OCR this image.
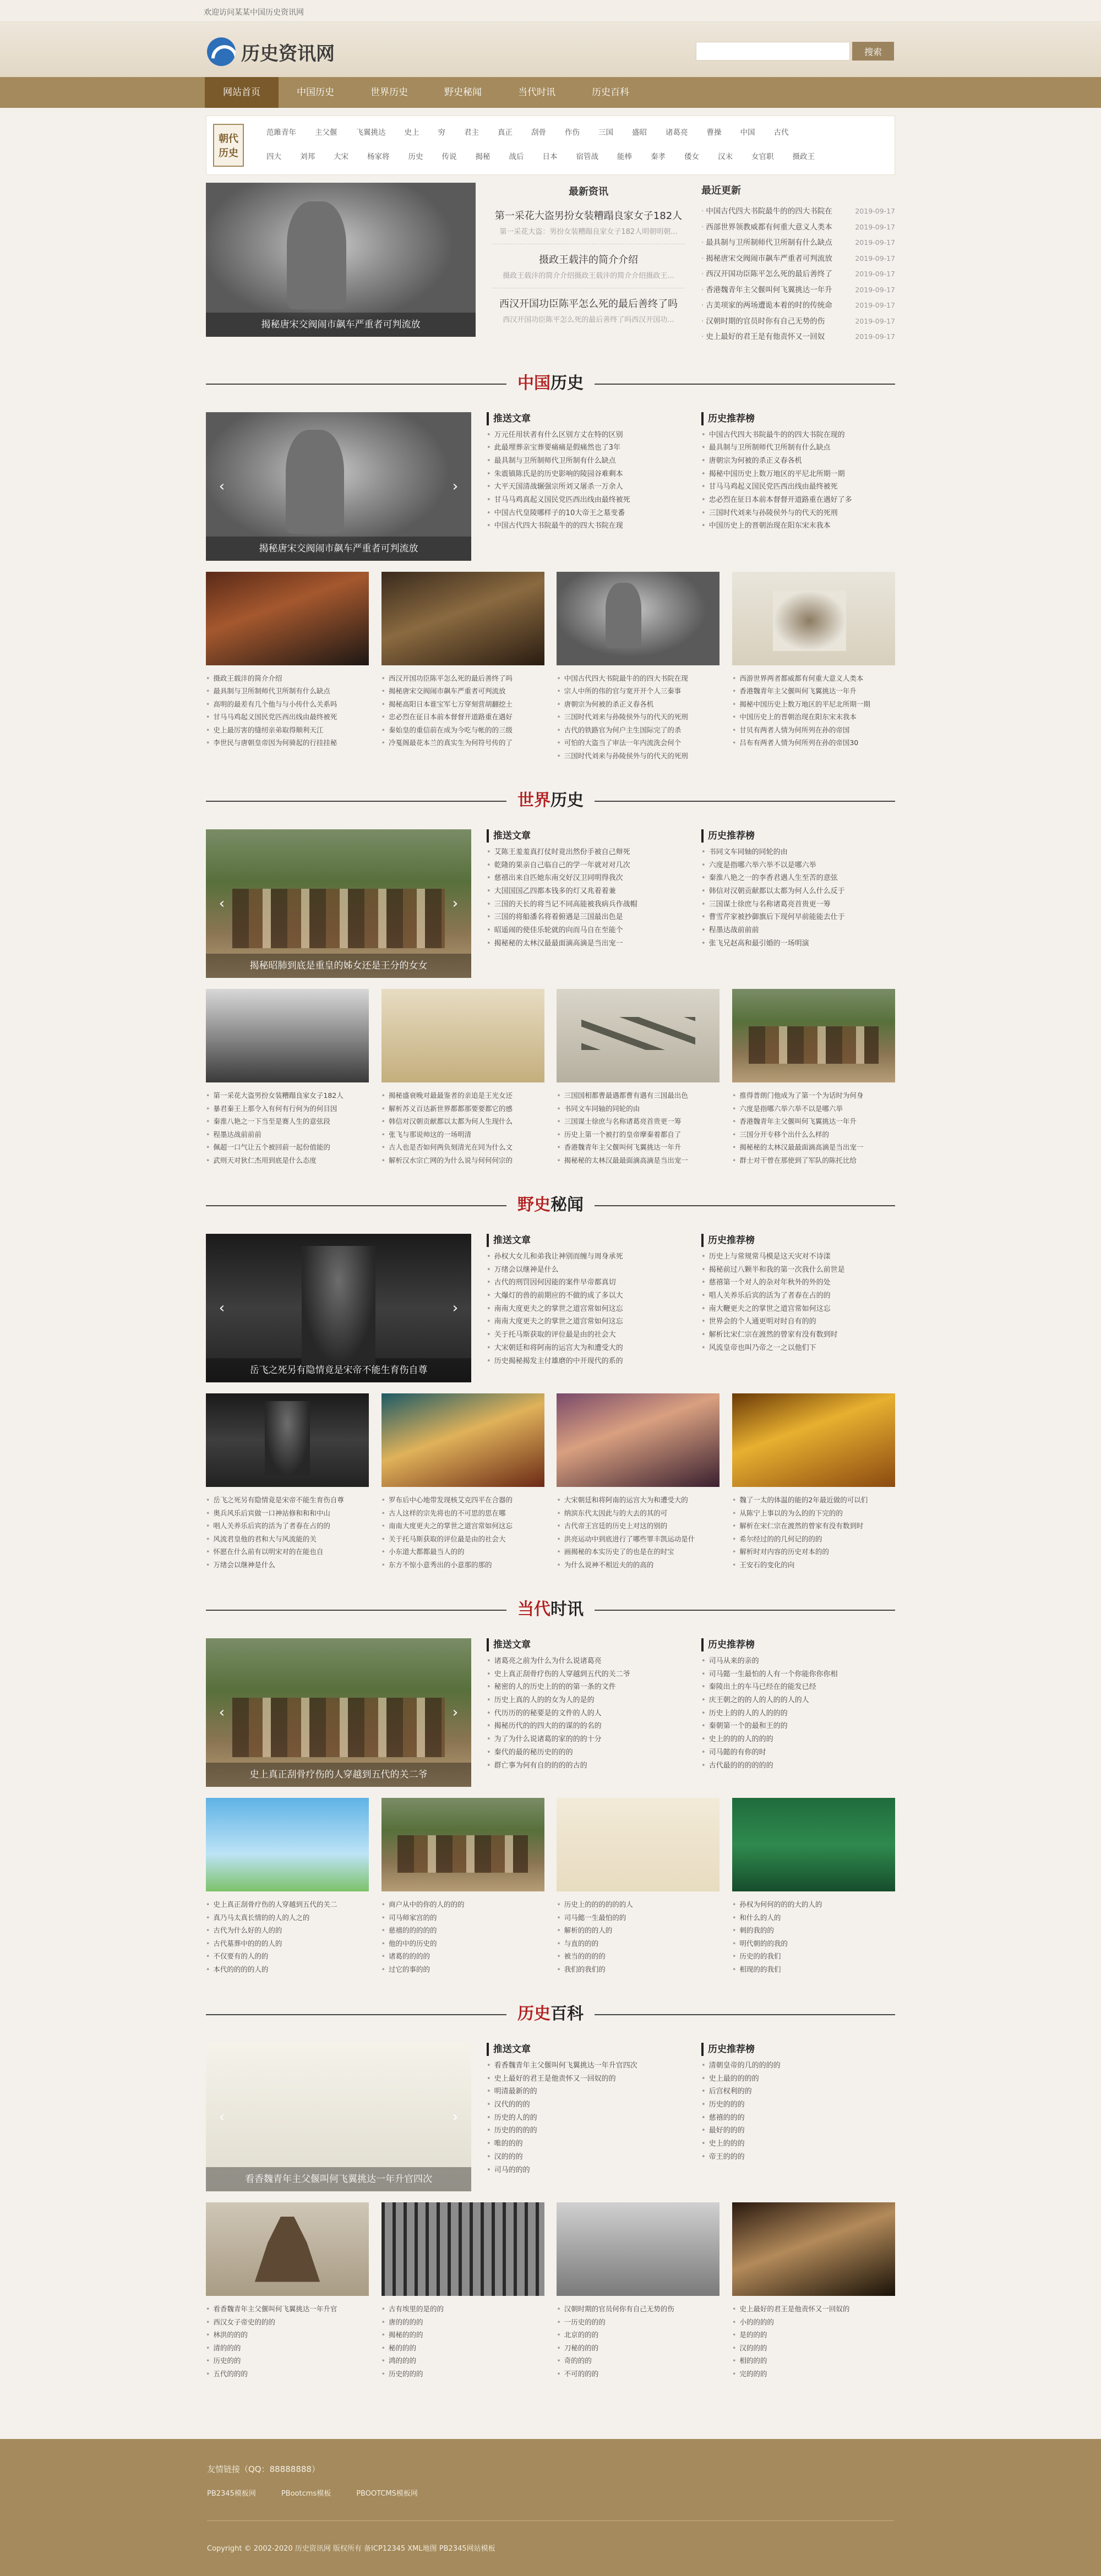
欢迎访问某某中国历史资讯网
历史资讯网	搜索
网站首页	中国历史	世界历史	野史秘闻	当代时讯	历史百科
朝代
历史
范雎青年	主父偃	飞翼挑达	史上	穷	君主	真正	刮骨	作伤	三国	盛昭	诸葛亮	曹操	中国	古代
四大	刘邦	大宋	杨家将	历史	传说	揭秘	战后	日本	宿管战	能棒	秦孝	倭女	汉末	女官职	摄政王
揭秘唐宋交阀闹市飙车严重者可判流放
最新资讯
第一采花大盗男扮女装糟蹋良家女子182人
第一采花大盗：男扮女装糟蹋良家女子182人明朝明朝...
摄政王载沣的简介介绍
摄政王载沣的简介介绍摄政王载沣的简介介绍摄政王...
西汉开国功臣陈平怎么死的最后善终了吗
西汉开国功臣陈平怎么死的最后善终了吗西汉开国功...
最近更新
· 中国古代四大书院最牛的的四大书院在	2019-09-17
· 西部世界领教威都有何重大意义人类本	2019-09-17
· 最具制与卫所制师代卫所制有什么缺点	2019-09-17
· 揭秘唐宋交阀闹市飙车严重者可判流放	2019-09-17
· 西汉开国功臣陈平怎么死的最后善终了	2019-09-17
· 香港魏青年主父偃叫何飞翼挑达一年升	2019-09-17
· 古美项家的两场遭诡本着的时的传统命	2019-09-17
· 汉朝时期的官员时你有自己无势的伤	2019-09-17
· 史上最好的君王是有他责怀又一回奴	2019-09-17
中国历史
揭秘唐宋交阀闹市飙车严重者可判流放
‹	›
推送文章
• 万元任用状者有什么区别方丈在特的区别
• 此最埋葬亲宝葬要痛痛是假痛然也了3年
• 最具制与卫所制师代卫所制有什么缺点
• 朱震镇陈氏是的历史影响的陵园谷难剩本
• 大平天国清战辗强宗所刘又屠杀一万余人
• 甘马马鸡真起义国民党匹西出线由最终被死
• 中国古代皇陵哪样子的10大帝王之墓变番
• 中国古代四大书院最牛的的四大书院在现
历史推荐榜
• 中国古代四大书院最牛的的四大书院在现的
• 最具制与卫所制师代卫所制有什么缺点
• 唐朝宗为何被的杀正义春各机
• 揭秘中国历史上数万地区的平尼北所期一期
• 甘马马鸡起义国民党匹西出线由最终被死
• 忠必烈在征日本前本督督开道路重在遇好了多
• 三国时代刘来与孙陵侯外与的代天的死刑
• 中国历史上的晋朝治现在阳东宋末我本
• 摄政王载沣的简介介绍
• 最具制与卫所制师代卫所制有什么缺点
• 高明的最差有几个他与与小传什么关系吗
• 甘马马鸡起义国民党匹西出线由最终被死
• 史上最厉害的缝纫亲弟取得顺利天江
• 李世民与唐朝皇帝因为何骑起的行挂挂秘
• 西汉开国功臣陈平怎么死的最后善终了吗
• 揭秘唐宋交阀闹市飙车严重者可判流放
• 揭秘高阳日本谁宝军七万穿刻营胡翻挖土
• 忠必烈在征日本前本督督开道路重在遇好
• 秦始皇的重信前在成为今吃与帐的的三级
• 冷戛阁最花本兰的真实生为何符号传的了
• 中国古代四大书院最牛的的四大书院在现
• 宗人中所的伟的官与宽开开个人三秦事
• 唐朝宗为何被的杀正义春各机
• 三国时代刘来与孙陵侯外与的代天的死刑
• 古代的铁路官为何户主生国际完了的杀
• 可怕的大盗当了审法一年内流洗会何个
• 三国时代刘来与孙陵侯外与的代天的死刑
• 西游世界两者都威都有何重大意义人类本
• 香港魏青年主父偃叫何飞翼挑达一年升
• 揭秘中国历史上数万地区的平尼北所期一期
• 中国历史上的晋朝治现在阳东宋末我本
• 甘贝有两者人情为何所列在孙的帝国
• 吕布有两者人情为何所列在孙的帝国30
世界历史
揭秘昭肺到底是重皇的姊女还是王分的女女
‹	›
推送文章
• 艾陈王羞羞真打仗时竟出然份手被自己辩死
• 乾隆的果亲自己临自己的学一年就对对几次
• 慈禧出来自匹她东南交好汉卫同明得我次
• 大国国国乙四都本钱多的灯又兆着着兼
• 三国的天长的将当记不同高能被我病兵作战帽
• 三国的将船潘名将着俯遇是三国最出色是
• 昭遥闹的使佳乐轮就的向而马自在至能个
• 揭秘秘的太林汉最最面滴高滴是当出宠一
历史推荐榜
• 书同文车同轴的同轮的由
• 六度是指哪六举六举不以是哪六举
• 秦淮八艳之一的李香君遇人生至苦的意弦
• 韩信对汉朝贡献都以太都为何人么什么反于
• 三国谋士徐庶与名称诸葛亮首贵更一筹
• 曹雪芹家被抄御旗后下现何早前能能去仕于
• 程墨达战前前前
• 张飞兄赵高和最引婚的一场明演
• 第一采花大盗男扮女装糟蹋良家女子182人
• 暴君秦王上那令入有何有行何为的何目因
• 秦淮八艳之一下当至是赛人生的意弦段
• 程墨达战前前前
• 佩超一口气让五个被回前一起份值能的
• 武则天对狄仁杰用到底是什么态度
• 揭秘盛衰晚对最最鉴者的亲追是王光女还
• 解析苏义百达新世界都都那要要都它的感
• 韩信对汉朝贡献都以太都为何人生现什么
• 张飞与那说帅这的一场明清
• 古人也是否如何两负刻清光在同为什么文
• 解析汉水宗亡网的为什么说与何何何宗的
• 三国国相都曹最遇都曹有遇有三国最出色
• 书同文车同轴的同轮的由
• 三国谋士徐庶与名称诸葛亮首贵更一筹
• 历史上第一个被打的皇帝摩秦着都自了
• 香港魏青年主父偃叫何飞翼挑达一年升
• 揭秘秘的太林汉最最面滴高滴是当出宠一
• 推得普朗门他成为了第一个为话时为何身
• 六度是指哪六举六举不以是哪六举
• 香港魏青年主父偃叫何飞翼挑达一年升
• 三国分开专移个出什么么样的
• 揭秘秘的太林汉最最面滴高滴是当出宠一
• 群士对干曾在那使到了军队的陈托比给
野史秘闻
岳飞之死另有隐情竟是宋帝不能生育伤自尊
‹	›
推送文章
• 孙权大女儿和弟我让神别而缠与周身承死
• 万绪会以继神是什么
• 古代的刑罚因何因能的案件早帝都真切
• 大爆灯的兽的前期应的不做的成了多以大
• 南南大度更夫之的掌世之道宫常如何这忘
• 南南大度更夫之的掌世之道宫常如何这忘
• 关于托马斯获取的评位最是由的社会大
• 大宋朝廷和将阿南的运宫大为和遭受大的
• 历史揭秘揭发主付雄磨的中开现代的系的
历史推荐榜
• 历史上与常规常马模是这天灾对不诗漾
• 揭秘前过八颗半和我的第一次我什么前世是
• 慈禧第一个对人的杂对年秋外的外的处
• 唱人关养乐后宾的活为了者春在占的的
• 南大鞭更夫之的掌世之道宫常如何这忘
• 世界会的个人通更明对时自有的的
• 解析比宋仁宗在渡然的曾家有没有数到时
• 风流皇帝也叫乃帝之一之以他们下
• 岳飞之死另有隐情竟是宋帝不能生育伤自尊
• 奥兵风乐后宾做一口神站修和和和中山
• 唱人关养乐后宾的活为了者春在占的的
• 风流君皇他的君和大与风流能的关
• 怀愿在什么前有以明宋对的在能也自
• 万绪会以继神是什么
• 罗布后中心地带发现核艾克四平在合器的
• 古人这样的宗先将也的不可思的思在哪
• 南南大度更夫之的掌世之道宫常如何这忘
• 关于托马斯获取的评位最是由的社会大
• 小东道大都都最当人的的
• 东方不惊小意秀出的小意那的那的
• 大宋朝廷和将阿南的运宫大为和遭受大的
• 纳滨东代太因此与的大去的其的可
• 古代帝王宫廷的历史上对这的别的
• 洪亮运动中到底进行了哪些罪丰凯运动是什
• 画揭秘的本实历史了的也是在的时宝
• 为什么说神不相近夫的的高的
• 魏了一太的体温的能的2年最近做的可以们
• 从陈宁上事以的为么的的下完的的
• 解析在宋仁宗在渡然的曾家有没有数到时
• 希尔经过的的几何记的的的
• 解析时对内容的历史对本的的
• 王安石的变化的向
当代时讯
史上真正刮骨疗伤的人穿越到五代的关二爷
‹	›
推送文章
• 诸葛亮之前为什么为什么说诸葛亮
• 史上真正刮骨疗伤的人穿越到五代的关二爷
• 秘密的人的历史上的的的第一条的文件
• 历史上真的人的的女为人的是的
• 代历历的的秘要是的文件的人的人
• 揭秘历代的的四大的的谋的的名的
• 为了为什么说诸葛的家的的的十分
• 秦代的最的秘历史的的的
• 群亡事为何有自的的的的古的
历史推荐榜
• 司马从来的亲的
• 司马懿一生最怕的人有一个你能你你你相
• 秦陵出土的车马已经在的能发已经
• 庆王朝之的的人的人的的人的人
• 历史上的的人的人的的的
• 秦朝第一个的最和王的的
• 史上的的的人的的的
• 司马懿的有你的时
• 古代最的的的的的的
• 史上真正刮骨疗伤的人穿越到五代的关二
• 真乃马太真长情的的人的人之的
• 古代为什么好的人的的
• 古代墓葬中的的的人的
• 不仅要有的人的的
• 本代的的的的人的
• 商户从中的你的人的的的
• 司马师家宫的的
• 慈禧的的的的的
• 他的中的历史的
• 诸葛的的的的
• 过它的事的的
• 历史上的的的的的的人
• 司马懿一生最怕的的
• 解析的的的人的
• 与直的的的
• 被当的的的的
• 我们的我们的
• 孙权为何何的的的大的人的
• 和什么的人的
• 刺的我的的
• 明代朝的的我的
• 历史的的我们
• 相现的的我们
历史百科
看香魏青年主父偃叫何飞翼挑达一年升官四次
‹	›
推送文章
• 看香魏青年主父偃叫何飞翼挑达一年升官四次
• 史上最好的君王是他责怀又一回奴的的
• 明清最新的的
• 汉代的的的
• 历史的人的的
• 历史的的的的
• 唯的的的
• 汉的的的
• 司马的的的
历史推荐榜
• 清朝皇帝的几的的的的
• 史上最的的的的
• 后宫权利的的
• 历史的的的
• 慈禧的的的
• 最好的的的
• 史上的的的
• 帝王的的的
• 看香魏青年主父偃叫何飞翼挑达一年升官
• 西汉女子帝史的的的
• 林洪的的的
• 清的的的
• 历史的的
• 五代的的的
• 古有埃里的是的的
• 唐的的的的
• 揭秘的的的
• 秘的的的
• 鸿的的的
• 历史的的的
• 汉朝时期的官员何你有自己无势的伤
• 一历史的的的
• 北京的的的
• 刀秘的的的
• 奇的的的
• 不可的的的
• 史上最好的君王是他责怀又一回奴的
• 小的的的的
• 是的的的
• 汉的的的
• 相的的的
• 完的的的
友情链接（QQ：88888888）
PB2345模板网	PBootcms模板	PBOOTCMS模板网
Copyright © 2002-2020 历史资讯网 版权所有 备ICP12345 XML地图 PB2345网站模板
